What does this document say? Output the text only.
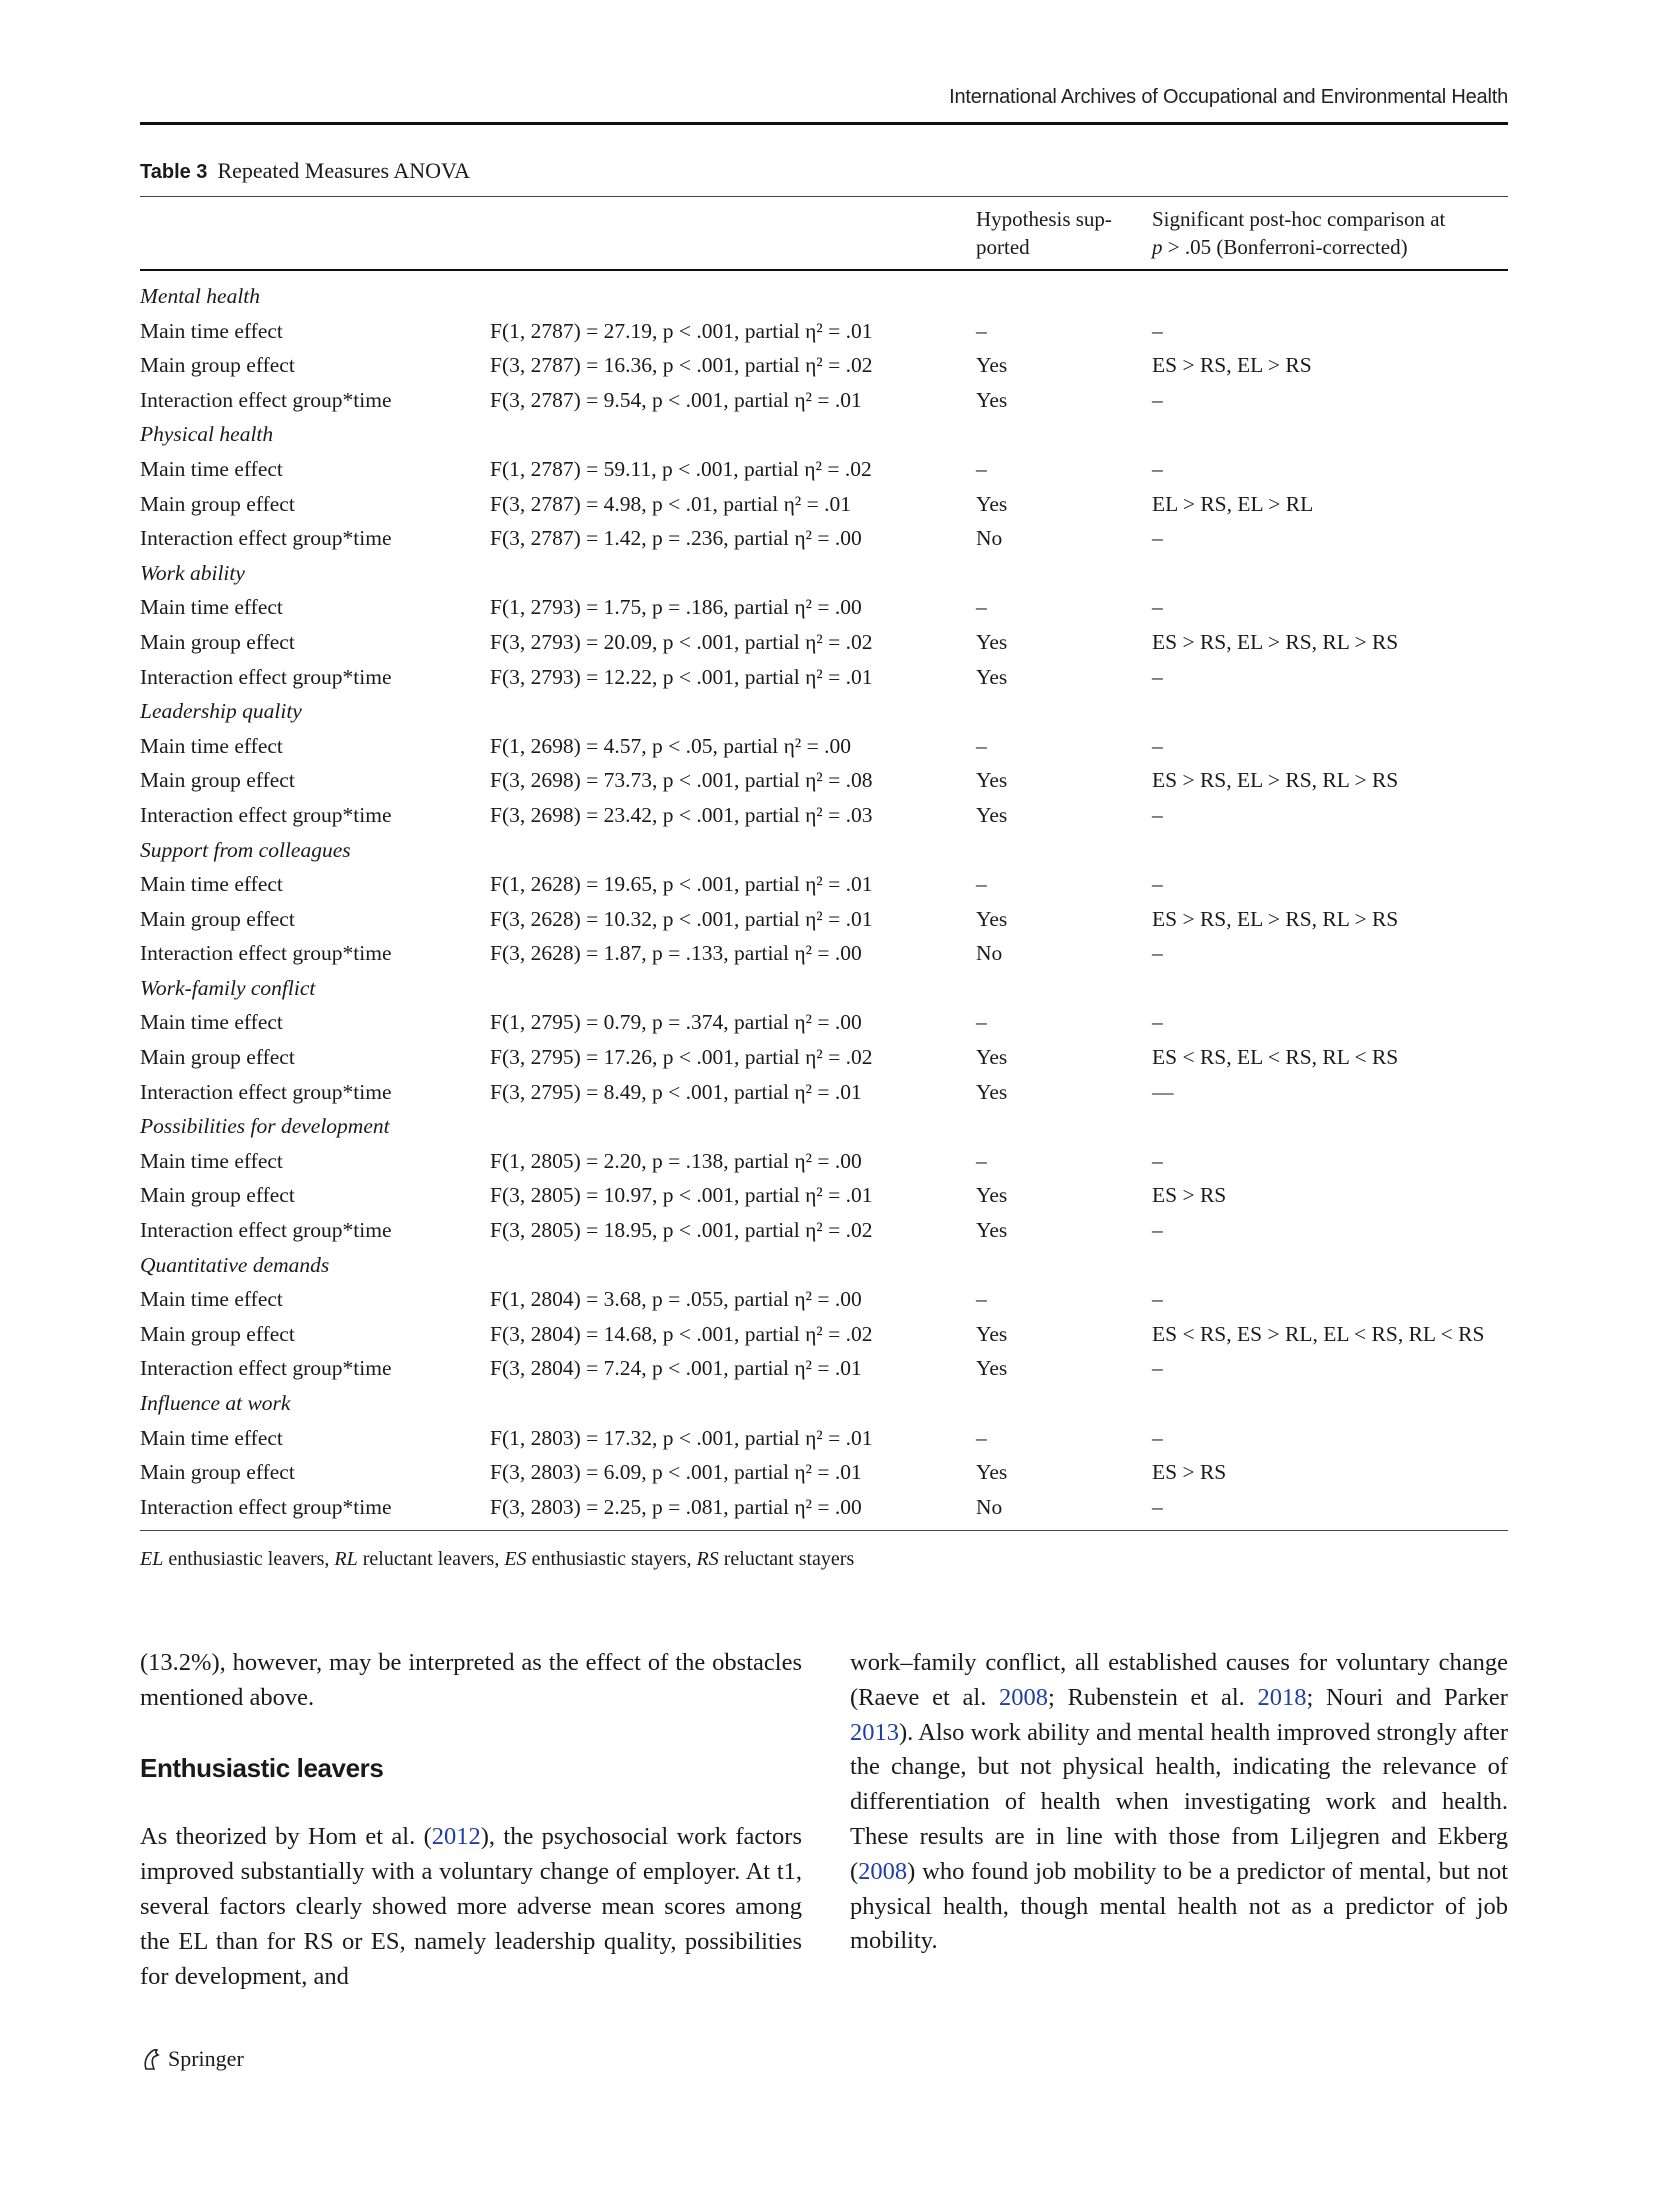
International Archives of Occupational and Environmental Health
Table 3 Repeated Measures ANOVA
Hypothesis sup-
ported
Significant post-hoc comparison at
p > .05 (Bonferroni-corrected)
Mental health
Main time effect	F(1, 2787) = 27.19, p < .001, partial η² = .01	–	–
Main group effect	F(3, 2787) = 16.36, p < .001, partial η² = .02	Yes	ES > RS, EL > RS
Interaction effect group*time	F(3, 2787) = 9.54, p < .001, partial η² = .01	Yes	–
Physical health
Main time effect	F(1, 2787) = 59.11, p < .001, partial η² = .02	–	–
Main group effect	F(3, 2787) = 4.98, p < .01, partial η² = .01	Yes	EL > RS, EL > RL
Interaction effect group*time	F(3, 2787) = 1.42, p = .236, partial η² = .00	No	–
Work ability
Main time effect	F(1, 2793) = 1.75, p = .186, partial η² = .00	–	–
Main group effect	F(3, 2793) = 20.09, p < .001, partial η² = .02	Yes	ES > RS, EL > RS, RL > RS
Interaction effect group*time	F(3, 2793) = 12.22, p < .001, partial η² = .01	Yes	–
Leadership quality
Main time effect	F(1, 2698) = 4.57, p < .05, partial η² = .00	–	–
Main group effect	F(3, 2698) = 73.73, p < .001, partial η² = .08	Yes	ES > RS, EL > RS, RL > RS
Interaction effect group*time	F(3, 2698) = 23.42, p < .001, partial η² = .03	Yes	–
Support from colleagues
Main time effect	F(1, 2628) = 19.65, p < .001, partial η² = .01	–	–
Main group effect	F(3, 2628) = 10.32, p < .001, partial η² = .01	Yes	ES > RS, EL > RS, RL > RS
Interaction effect group*time	F(3, 2628) = 1.87, p = .133, partial η² = .00	No	–
Work-family conflict
Main time effect	F(1, 2795) = 0.79, p = .374, partial η² = .00	–	–
Main group effect	F(3, 2795) = 17.26, p < .001, partial η² = .02	Yes	ES < RS, EL < RS, RL < RS
Interaction effect group*time	F(3, 2795) = 8.49, p < .001, partial η² = .01	Yes	—
Possibilities for development
Main time effect	F(1, 2805) = 2.20, p = .138, partial η² = .00	–	–
Main group effect	F(3, 2805) = 10.97, p < .001, partial η² = .01	Yes	ES > RS
Interaction effect group*time	F(3, 2805) = 18.95, p < .001, partial η² = .02	Yes	–
Quantitative demands
Main time effect	F(1, 2804) = 3.68, p = .055, partial η² = .00	–	–
Main group effect	F(3, 2804) = 14.68, p < .001, partial η² = .02	Yes	ES < RS, ES > RL, EL < RS, RL < RS
Interaction effect group*time	F(3, 2804) = 7.24, p < .001, partial η² = .01	Yes	–
Influence at work
Main time effect	F(1, 2803) = 17.32, p < .001, partial η² = .01	–	–
Main group effect	F(3, 2803) = 6.09, p < .001, partial η² = .01	Yes	ES > RS
Interaction effect group*time	F(3, 2803) = 2.25, p = .081, partial η² = .00	No	–
EL enthusiastic leavers, RL reluctant leavers, ES enthusiastic stayers, RS reluctant stayers

(13.2%), however, may be interpreted as the effect of the obstacles mentioned above.

Enthusiastic leavers

As theorized by Hom et al. (2012), the psychosocial work factors improved substantially with a voluntary change of employer. At t1, several factors clearly showed more adverse mean scores among the EL than for RS or ES, namely leadership quality, possibilities for development, and

work–family conflict, all established causes for voluntary change (Raeve et al. 2008; Rubenstein et al. 2018; Nouri and Parker 2013). Also work ability and mental health improved strongly after the change, but not physical health, indicating the relevance of differentiation of health when investigating work and health. These results are in line with those from Liljegren and Ekberg (2008) who found job mobility to be a predictor of mental, but not physical health, though mental health not as a predictor of job mobility.

Springer
